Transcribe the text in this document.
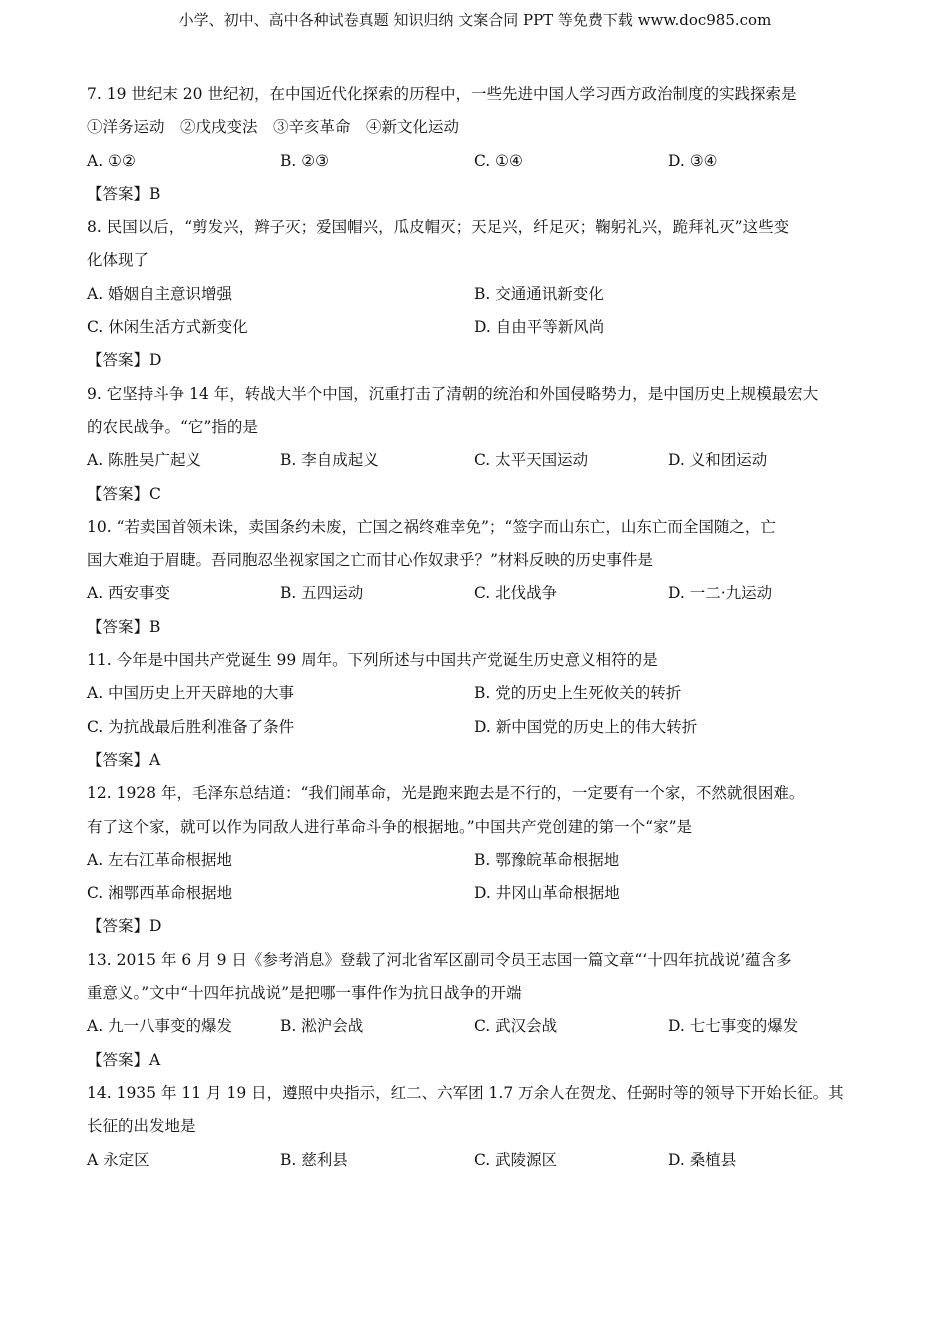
小学、初中、高中各种试卷真题 知识归纳 文案合同 PPT 等免费下载 www.doc985.com
7. 19 世纪末 20 世纪初，在中国近代化探索的历程中，一些先进中国人学习西方政治制度的实践探索是
①洋务运动　②戊戌变法　③辛亥革命　④新文化运动
A. ①②	B. ②③	C. ①④	D. ③④
【答案】B
8. 民国以后，“剪发兴，辫子灭；爱国帽兴，瓜皮帽灭；天足兴，纤足灭；鞠躬礼兴，跪拜礼灭”这些变
化体现了
A. 婚姻自主意识增强	B. 交通通讯新变化
C. 休闲生活方式新变化	D. 自由平等新风尚
【答案】D
9. 它坚持斗争 14 年，转战大半个中国，沉重打击了清朝的统治和外国侵略势力，是中国历史上规模最宏大
的农民战争。“它”指的是
A. 陈胜吴广起义	B. 李自成起义	C. 太平天国运动	D. 义和团运动
【答案】C
10. “若卖国首领未诛，卖国条约未废，亡国之祸终难幸免”；“签字而山东亡，山东亡而全国随之，亡
国大难迫于眉睫。吾同胞忍坐视家国之亡而甘心作奴隶乎？”材料反映的历史事件是
A. 西安事变	B. 五四运动	C. 北伐战争	D. 一二·九运动
【答案】B
11. 今年是中国共产党诞生 99 周年。下列所述与中国共产党诞生历史意义相符的是
A. 中国历史上开天辟地的大事	B. 党的历史上生死攸关的转折
C. 为抗战最后胜利准备了条件	D. 新中国党的历史上的伟大转折
【答案】A
12. 1928 年，毛泽东总结道：“我们闹革命，光是跑来跑去是不行的，一定要有一个家，不然就很困难。
有了这个家，就可以作为同敌人进行革命斗争的根据地。”中国共产党创建的第一个“家”是
A. 左右江革命根据地	B. 鄂豫皖革命根据地
C. 湘鄂西革命根据地	D. 井冈山革命根据地
【答案】D
13. 2015 年 6 月 9 日《参考消息》登载了河北省军区副司令员王志国一篇文章“‘十四年抗战说’蕴含多
重意义。”文中“十四年抗战说”是把哪一事件作为抗日战争的开端
A. 九一八事变的爆发	B. 淞沪会战	C. 武汉会战	D. 七七事变的爆发
【答案】A
14. 1935 年 11 月 19 日，遵照中央指示，红二、六军团 1.7 万余人在贺龙、任弼时等的领导下开始长征。其
长征的出发地是
A 永定区	B. 慈利县	C. 武陵源区	D. 桑植县
